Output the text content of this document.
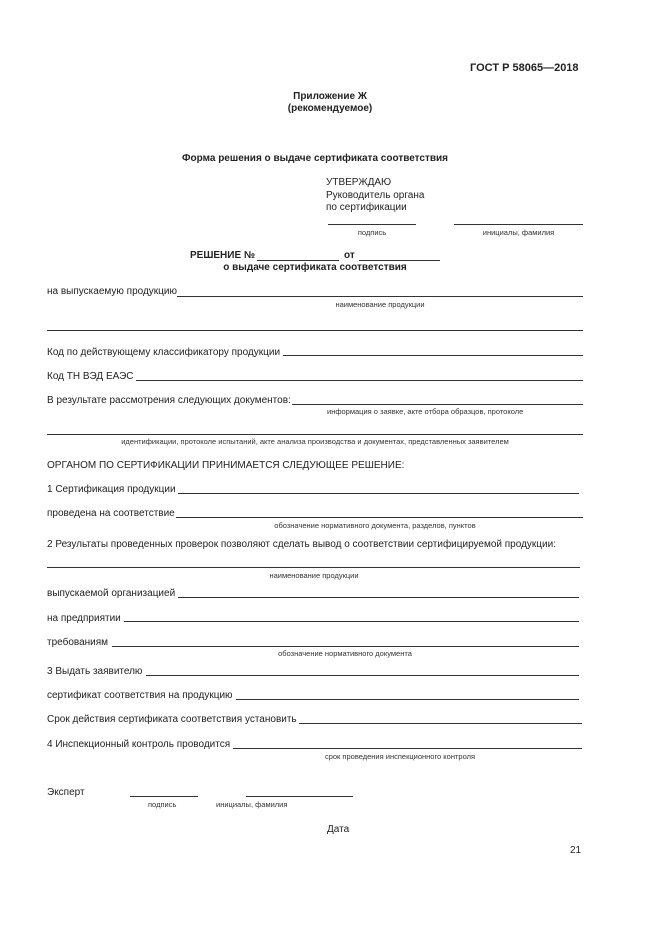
ГОСТ Р 58065—2018
Приложение Ж
(рекомендуемое)
Форма решения о выдаче сертификата соответствия
УТВЕРЖДАЮ
Руководитель органа
по сертификации
подпись	инициалы, фамилия
РЕШЕНИЕ №	от
о выдаче сертификата соответствия
на выпускаемую продукцию
наименование продукции
Код по действующему классификатору продукции
Код ТН ВЭД ЕАЭС
В результате рассмотрения следующих документов:
информация о заявке, акте отбора образцов, протоколе
идентификации, протоколе испытаний, акте анализа производства и документах, представленных заявителем
ОРГАНОМ ПО СЕРТИФИКАЦИИ ПРИНИМАЕТСЯ СЛЕДУЮЩЕЕ РЕШЕНИЕ:
1 Сертификация продукции
проведена на соответствие
обозначение нормативного документа, разделов, пунктов
2 Результаты проведенных проверок позволяют сделать вывод о соответствии сертифицируемой продукции:
наименование продукции
выпускаемой организацией
на предприятии
требованиям
обозначение нормативного документа
3 Выдать заявителю
сертификат соответствия на продукцию
Срок действия сертификата соответствия установить
4 Инспекционный контроль проводится
срок проведения инспекционного контроля
Эксперт
подпись	инициалы, фамилия
Дата
21
